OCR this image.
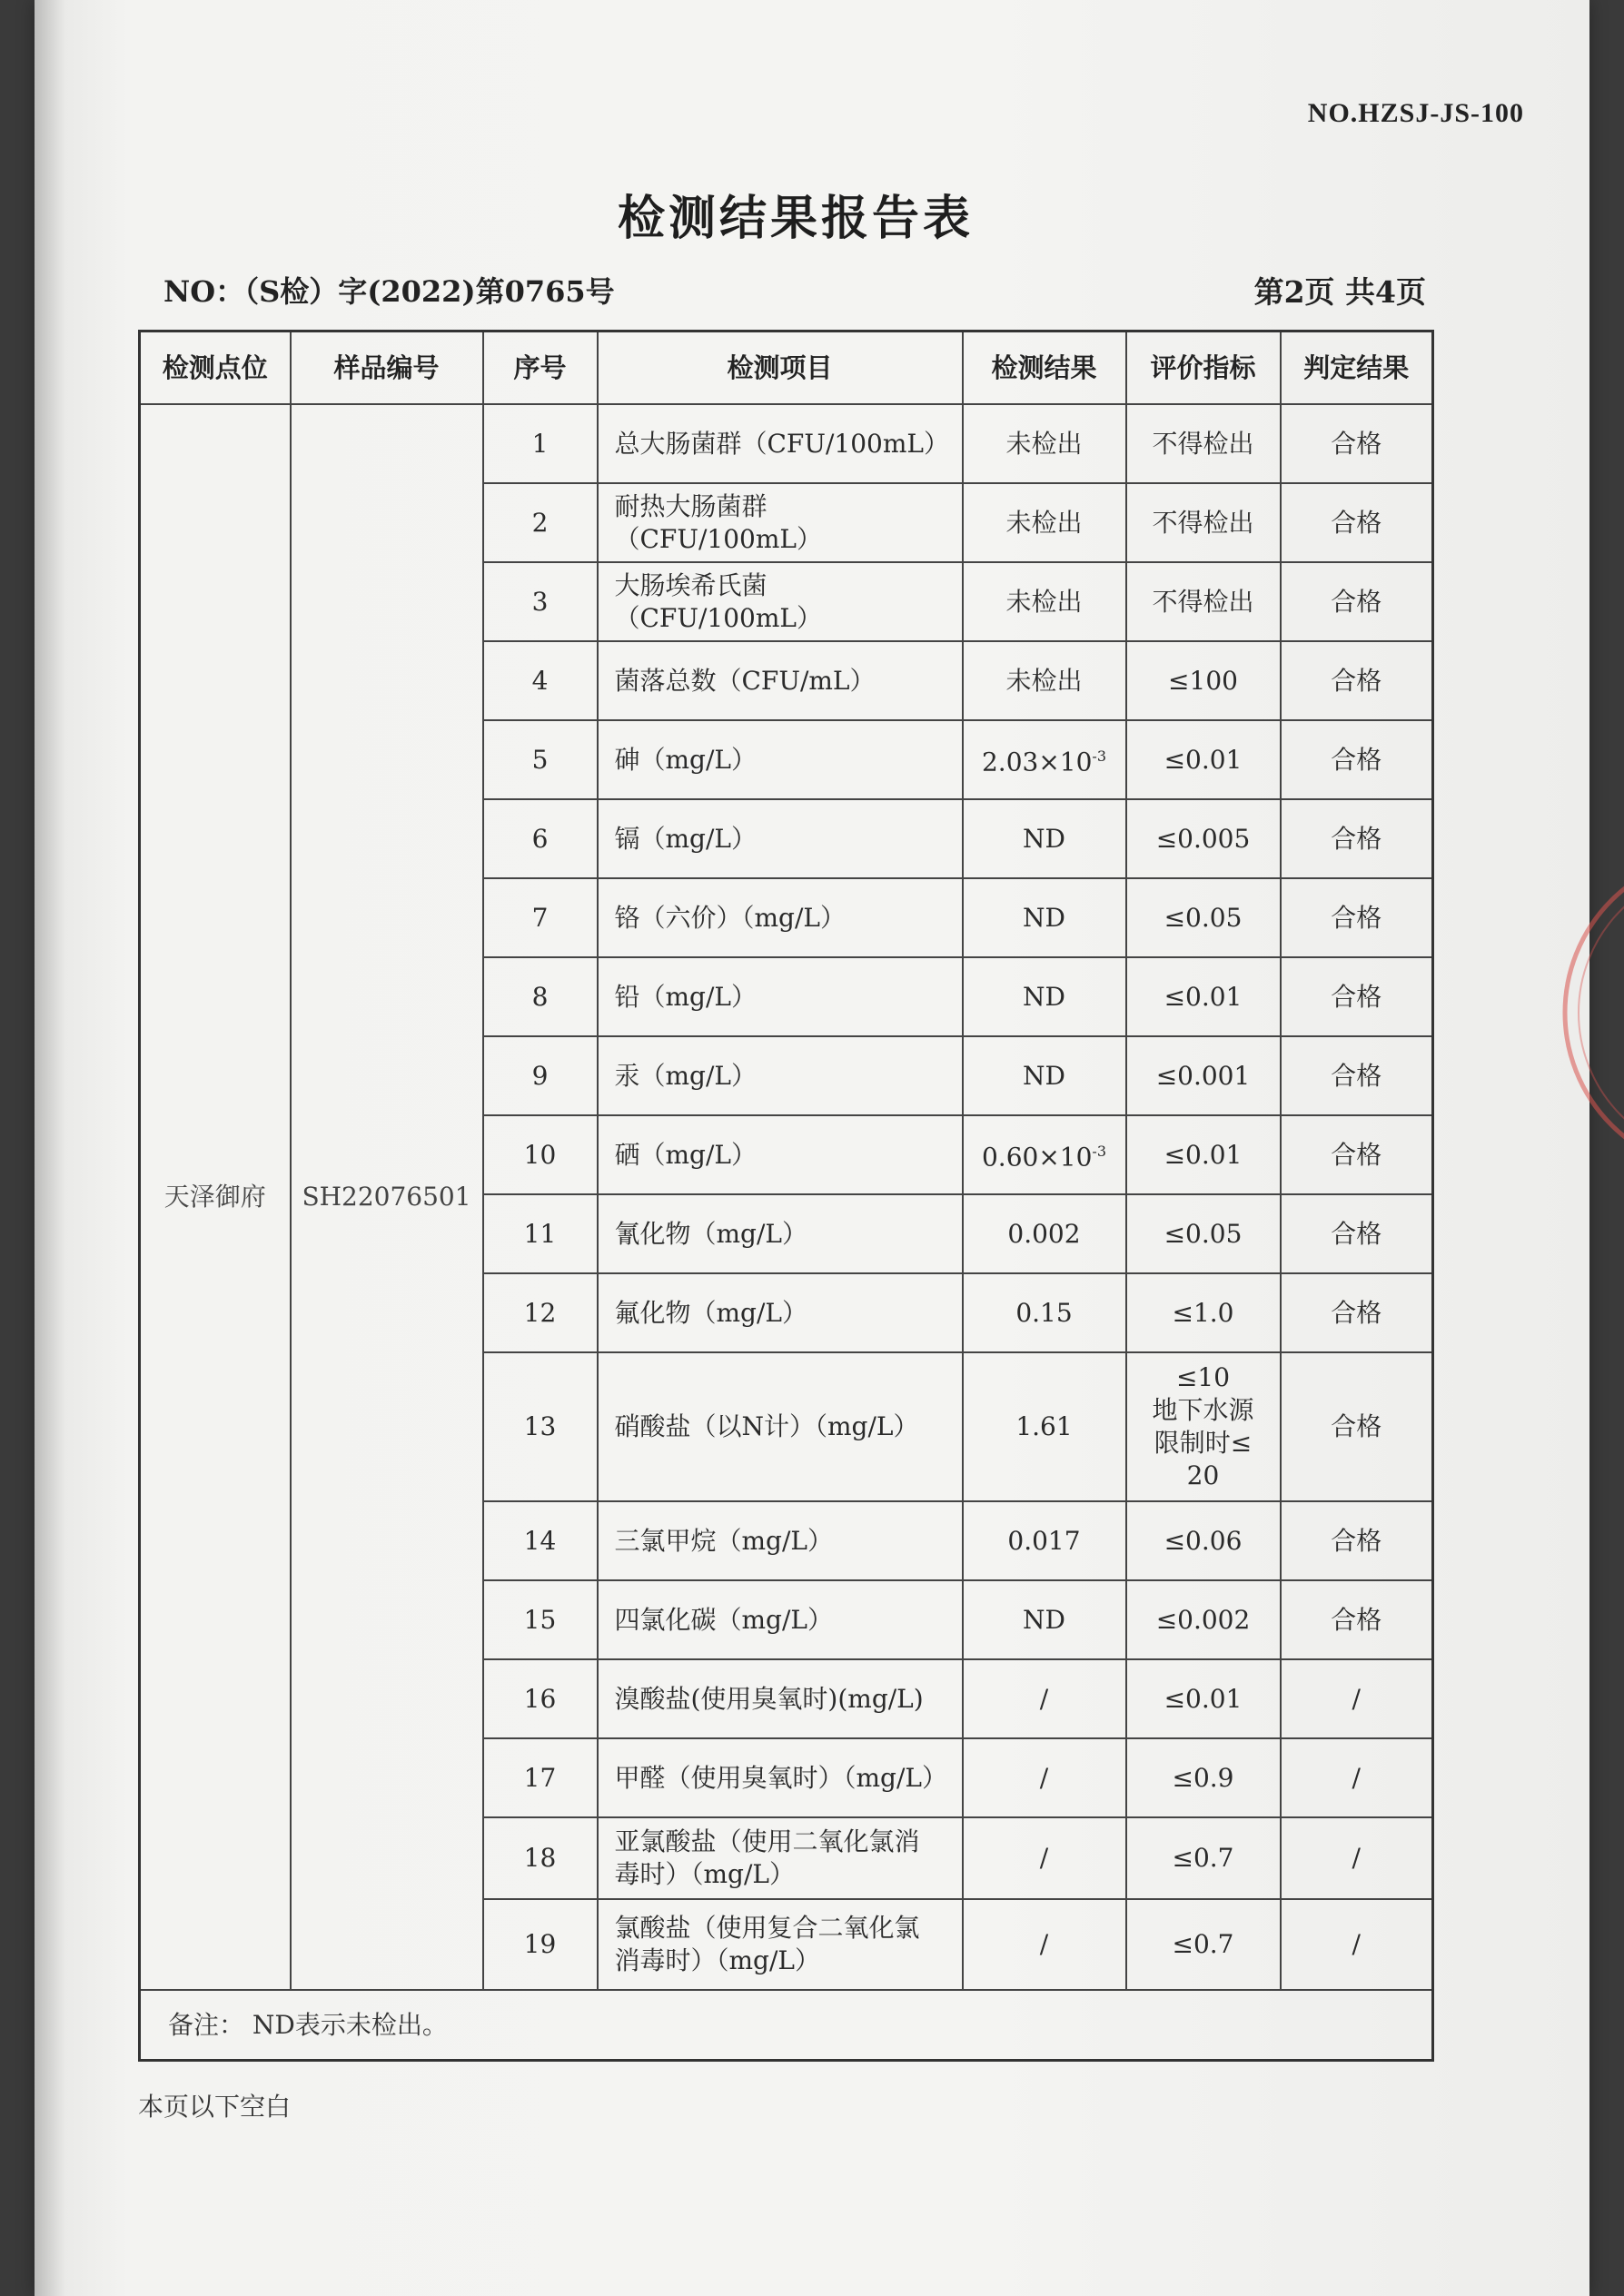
NO.HZSJ-JS-100
检测结果报告表
NO：（S检）字(2022)第0765号	第2页 共4页
检测点位	样品编号	序号	检测项目	检测结果	评价指标	判定结果
天泽御府	SH22076501	1	总大肠菌群（CFU/100mL）	未检出	不得检出	合格
		2	耐热大肠菌群（CFU/100mL）	未检出	不得检出	合格
		3	大肠埃希氏菌（CFU/100mL）	未检出	不得检出	合格
		4	菌落总数（CFU/mL）	未检出	≤100	合格
		5	砷（mg/L）	$2.03\times 10^{-3}$	≤0.01	合格
		6	镉（mg/L）	ND	≤0.005	合格
		7	铬（六价）（mg/L）	ND	≤0.05	合格
		8	铅（mg/L）	ND	≤0.01	合格
		9	汞（mg/L）	ND	≤0.001	合格
		10	硒（mg/L）	$0.60\times 10^{-3}$	≤0.01	合格
		11	氰化物（mg/L）	0.002	≤0.05	合格
		12	氟化物（mg/L）	0.15	≤1.0	合格
		13	硝酸盐（以N计）（mg/L）	1.61	≤10
地下水源
限制时≤
20	合格
		14	三氯甲烷（mg/L）	0.017	≤0.06	合格
		15	四氯化碳（mg/L）	ND	≤0.002	合格
		16	溴酸盐(使用臭氧时)(mg/L)	/	≤0.01	/
		17	甲醛（使用臭氧时）（mg/L）	/	≤0.9	/
		18	亚氯酸盐（使用二氧化氯消
毒时）（mg/L）	/	≤0.7	/
		19	氯酸盐（使用复合二氧化氯
消毒时）（mg/L）	/	≤0.7	/
备注： ND表示未检出。						
本页以下空白
